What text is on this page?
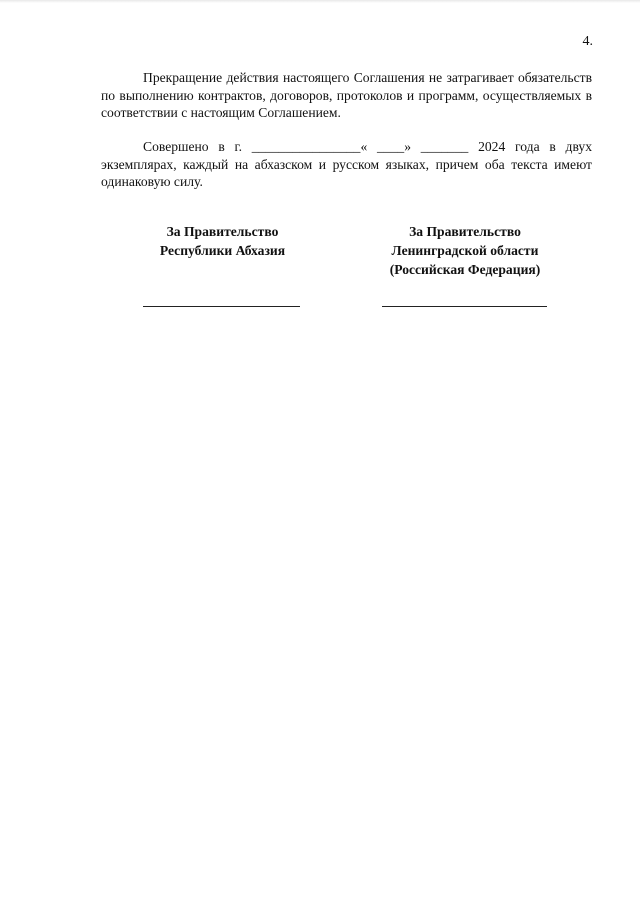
4.

Прекращение действия настоящего Соглашения не затрагивает обязательств по выполнению контрактов, договоров, протоколов и программ, осуществляемых в соответствии с настоящим Соглашением.

Совершено в г. ________________« ____» _______ 2024 года в двух экземплярах, каждый на абхазском и русском языках, причем оба текста имеют одинаковую силу.

За Правительство
Республики Абхазия
За Правительство
Ленинградской области
(Российская Федерация)
